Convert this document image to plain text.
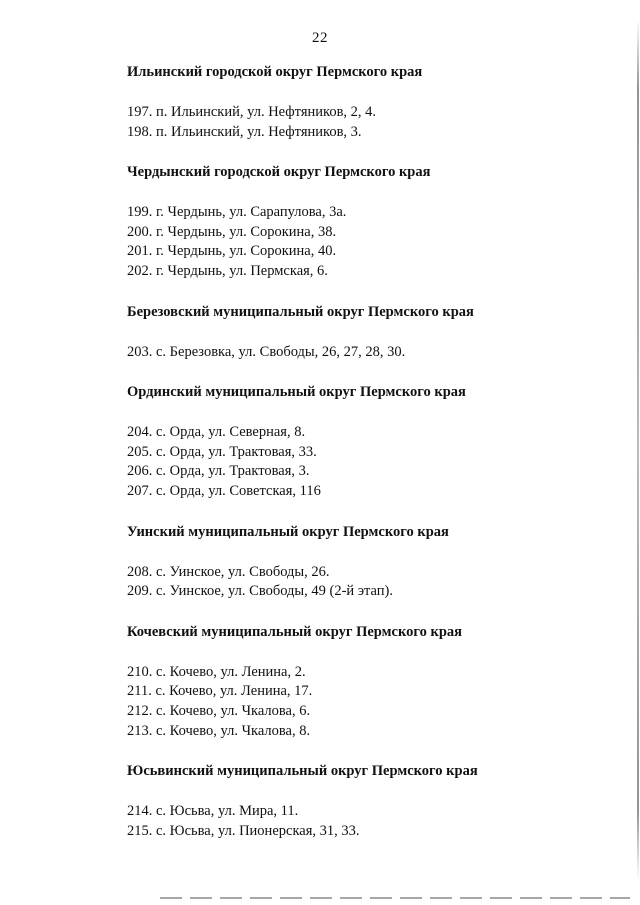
22
Ильинский городской округ Пермского края
197. п. Ильинский, ул. Нефтяников, 2, 4.
198. п. Ильинский, ул. Нефтяников, 3.
Чердынский городской округ Пермского края
199. г. Чердынь, ул. Сарапулова, 3а.
200. г. Чердынь, ул. Сорокина, 38.
201. г. Чердынь, ул. Сорокина, 40.
202. г. Чердынь, ул. Пермская, 6.
Березовский муниципальный округ Пермского края
203. с. Березовка, ул. Свободы, 26, 27, 28, 30.
Ординский муниципальный округ Пермского края
204. с. Орда, ул. Северная, 8.
205. с. Орда, ул. Трактовая, 33.
206. с. Орда, ул. Трактовая, 3.
207. с. Орда, ул. Советская, 116
Уинский муниципальный округ Пермского края
208. с. Уинское, ул. Свободы, 26.
209. с. Уинское, ул. Свободы, 49 (2-й этап).
Кочевский муниципальный округ Пермского края
210. с. Кочево, ул. Ленина, 2.
211. с. Кочево, ул. Ленина, 17.
212. с. Кочево, ул. Чкалова, 6.
213. с. Кочево, ул. Чкалова, 8.
Юсьвинский муниципальный округ Пермского края
214. с. Юсьва, ул. Мира, 11.
215. с. Юсьва, ул. Пионерская, 31, 33.
